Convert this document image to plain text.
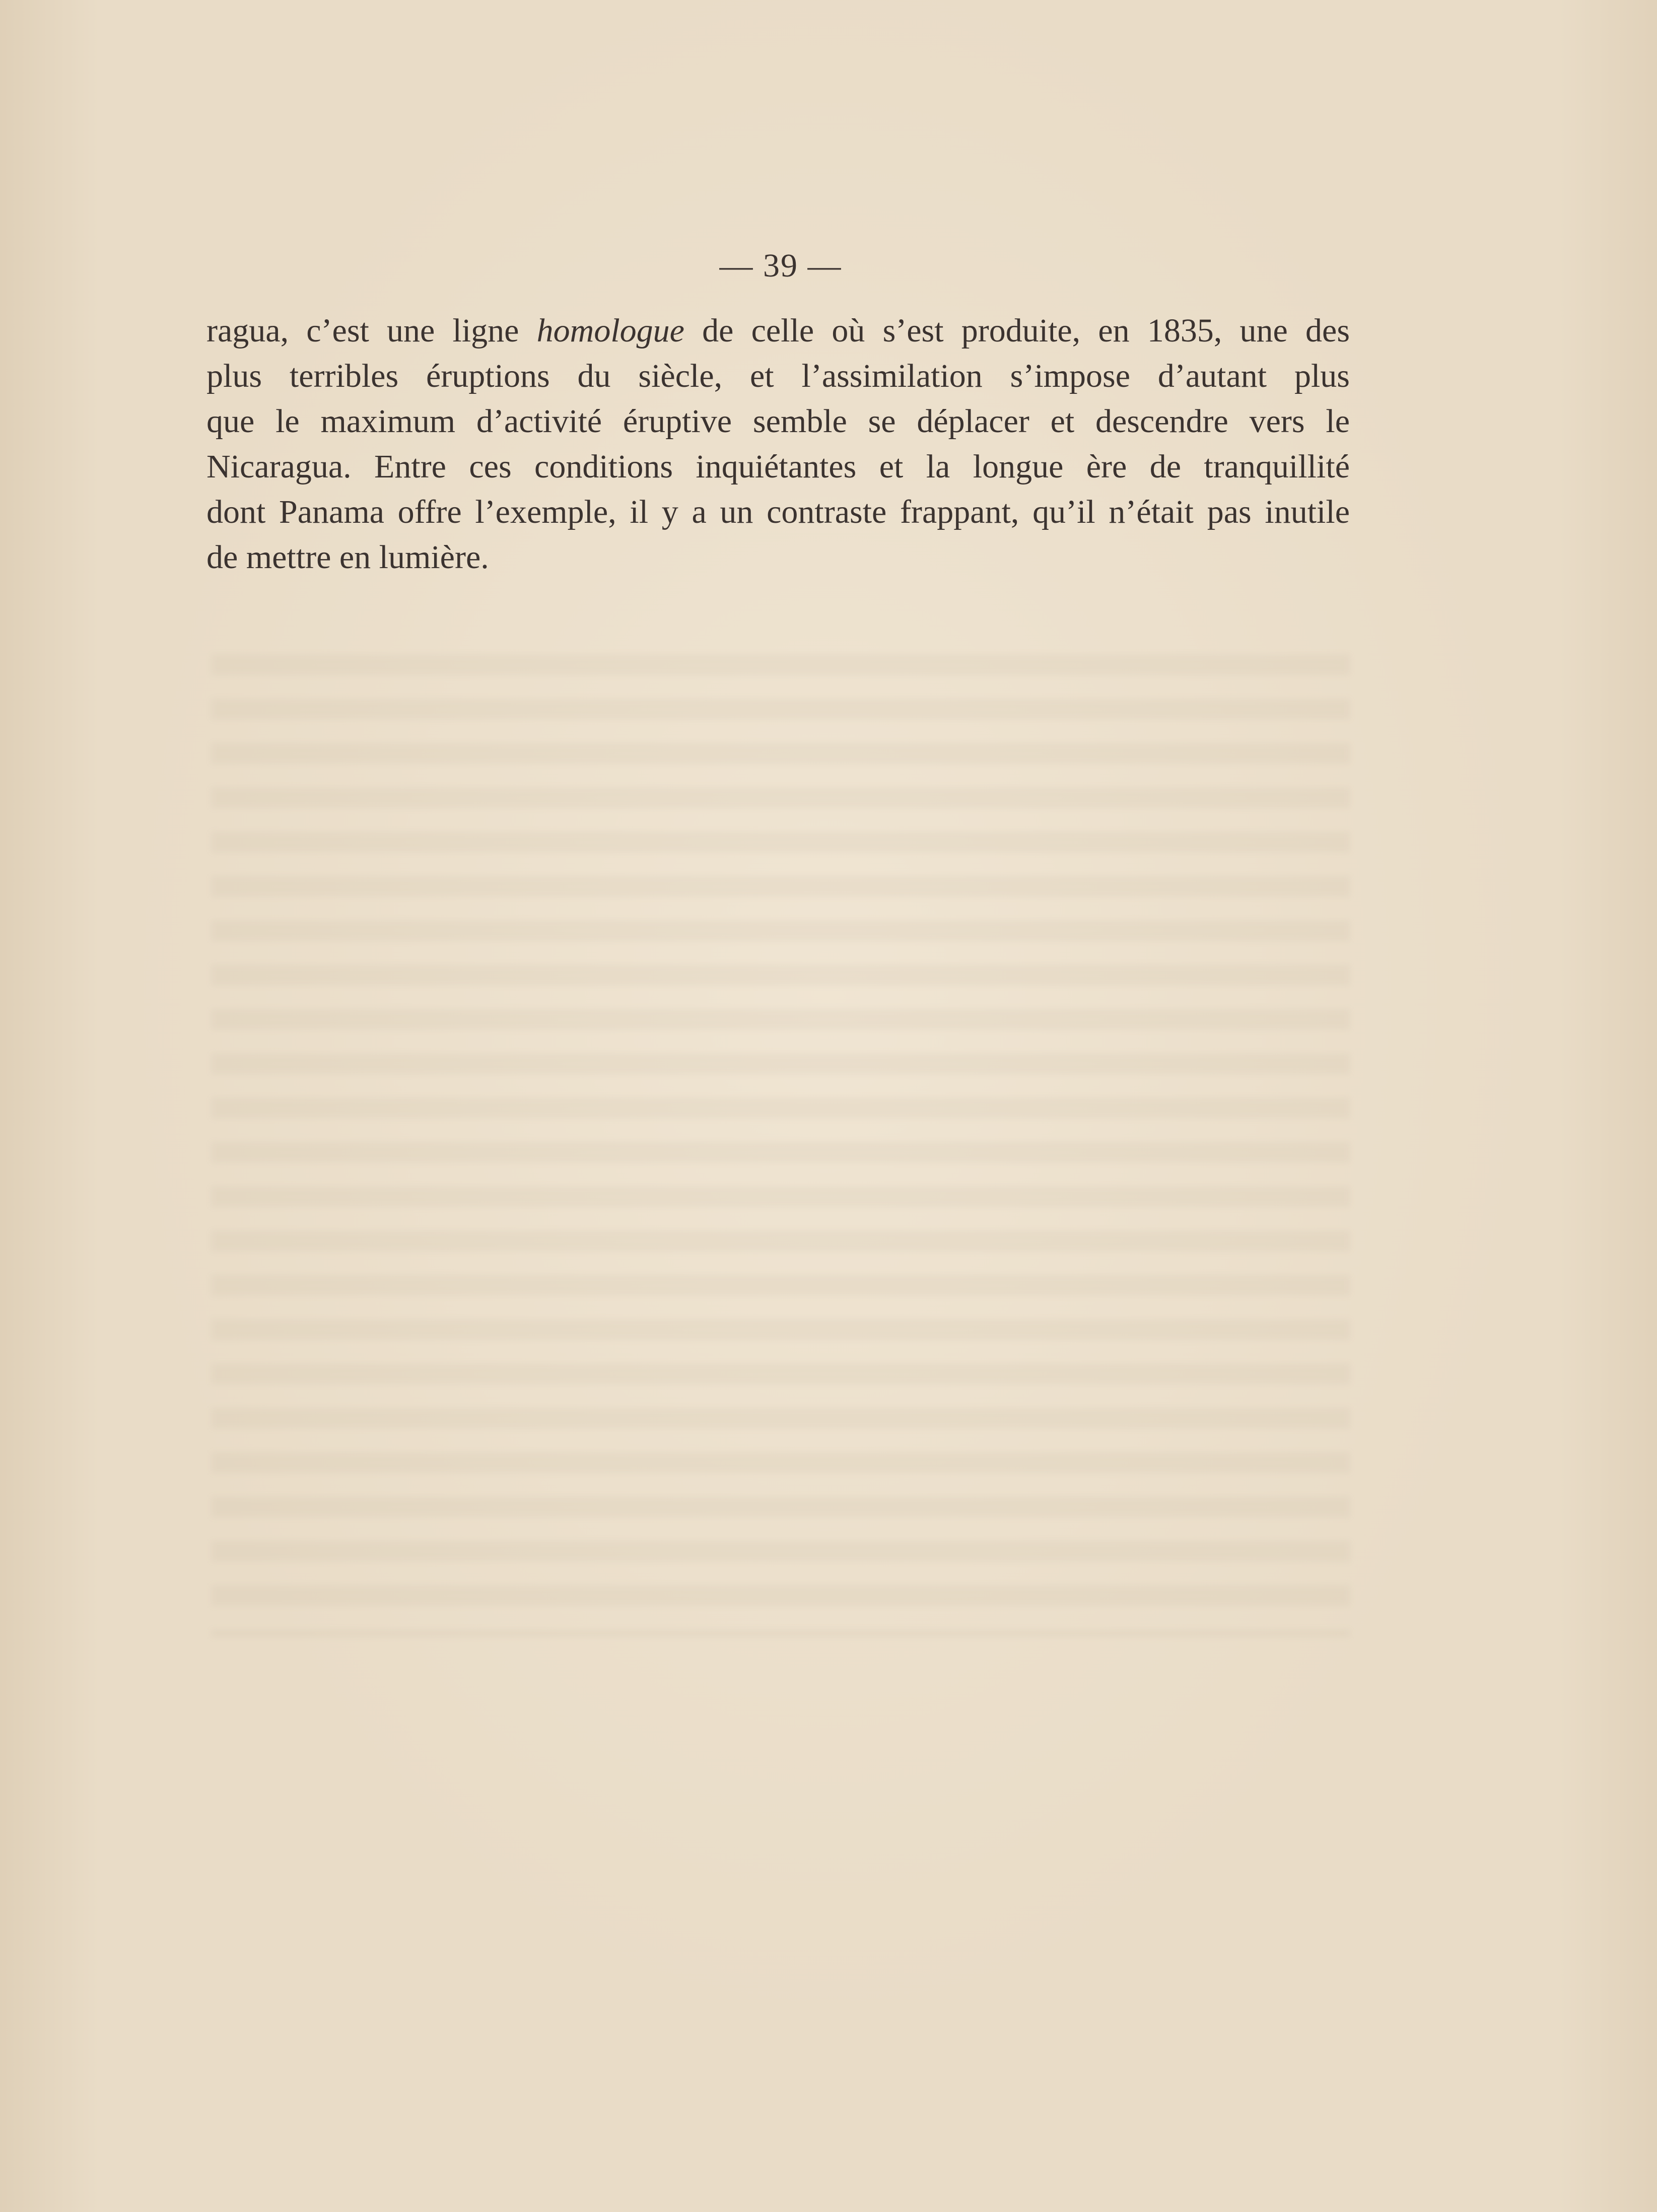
— 39 —
ragua, c’est une ligne homologue de celle où s’est produite, en 1835, une des
plus terribles éruptions du siècle, et l’assimilation s’impose d’autant plus
que le maximum d’activité éruptive semble se déplacer et descendre vers le
Nicaragua. Entre ces conditions inquiétantes et la longue ère de tranquillité
dont Panama offre l’exemple, il y a un contraste frappant, qu’il n’était pas inutile
de mettre en lumière.
